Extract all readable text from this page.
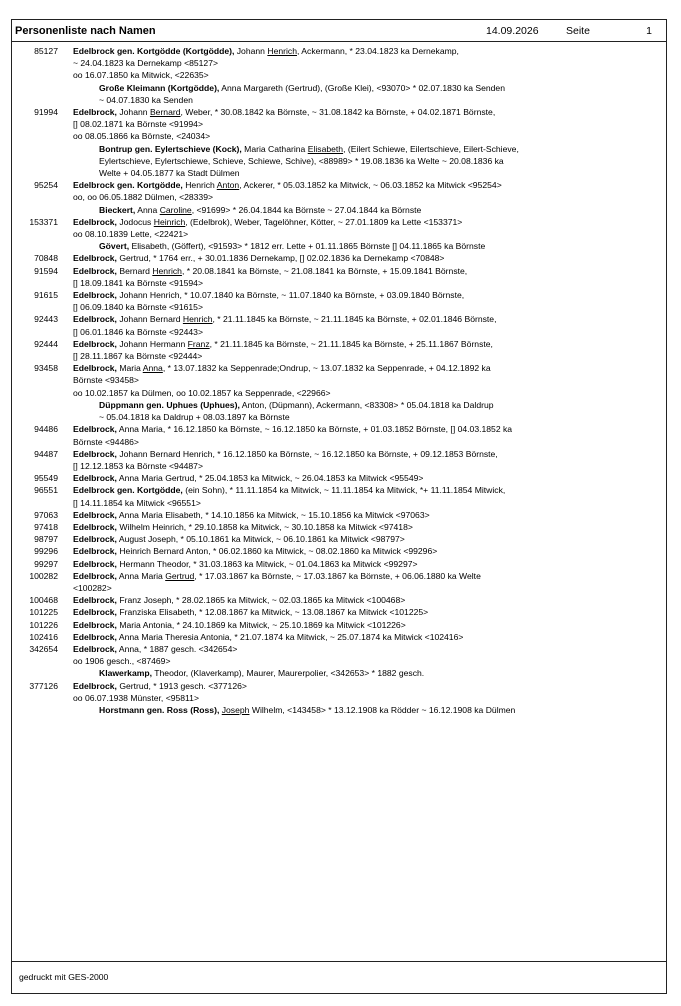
Personenliste nach Namen	14.09.2026	Seite	1
85127 Edelbrock gen. Kortgödde (Kortgödde), Johann Henrich, Ackermann, * 23.04.1823 ka Dernekamp,
~ 24.04.1823 ka Dernekamp <85127>
oo 16.07.1850 ka Mitwick, <22635>
Große Kleimann (Kortgödde), Anna Margareth (Gertrud), (Große Klei), <93070> * 02.07.1830 ka Senden
~ 04.07.1830 ka Senden
91994 Edelbrock, Johann Bernard, Weber, * 30.08.1842 ka Börnste, ~ 31.08.1842 ka Börnste, + 04.02.1871 Börnste,
[] 08.02.1871 ka Börnste <91994>
oo 08.05.1866 ka Börnste, <24034>
Bontrup gen. Eylertschieve (Kock), Maria Catharina Elisabeth, (Eilert Schiewe, Eilertschieve, Eilert-Schieve,
Eylertschieve, Eylertschiewe, Schieve, Schiewe, Schive), <88989> * 19.08.1836 ka Welte ~ 20.08.1836 ka
Welte + 04.05.1877 ka Stadt Dülmen
95254 Edelbrock gen. Kortgödde, Henrich Anton, Ackerer, * 05.03.1852 ka Mitwick, ~ 06.03.1852 ka Mitwick <95254>
oo, oo 06.05.1882 Dülmen, <28339>
Bieckert, Anna Caroline, <91699> * 26.04.1844 ka Börnste ~ 27.04.1844 ka Börnste
153371 Edelbrock, Jodocus Heinrich, (Edelbrok), Weber, Tagelöhner, Kötter, ~ 27.01.1809 ka Lette <153371>
oo 08.10.1839 Lette, <22421>
Gövert, Elisabeth, (Göffert), <91593> * 1812 err. Lette + 01.11.1865 Börnste [] 04.11.1865 ka Börnste
70848 Edelbrock, Gertrud, * 1764 err., + 30.01.1836 Dernekamp, [] 02.02.1836 ka Dernekamp <70848>
91594 Edelbrock, Bernard Henrich, * 20.08.1841 ka Börnste, ~ 21.08.1841 ka Börnste, + 15.09.1841 Börnste,
[] 18.09.1841 ka Börnste <91594>
91615 Edelbrock, Johann Henrich, * 10.07.1840 ka Börnste, ~ 11.07.1840 ka Börnste, + 03.09.1840 Börnste,
[] 06.09.1840 ka Börnste <91615>
92443 Edelbrock, Johann Bernard Henrich, * 21.11.1845 ka Börnste, ~ 21.11.1845 ka Börnste, + 02.01.1846 Börnste,
[] 06.01.1846 ka Börnste <92443>
92444 Edelbrock, Johann Hermann Franz, * 21.11.1845 ka Börnste, ~ 21.11.1845 ka Börnste, + 25.11.1867 Börnste,
[] 28.11.1867 ka Börnste <92444>
93458 Edelbrock, Maria Anna, * 13.07.1832 ka Seppenrade;Ondrup, ~ 13.07.1832 ka Seppenrade, + 04.12.1892 ka
Börnste <93458>
oo 10.02.1857 ka Dülmen, oo 10.02.1857 ka Seppenrade, <22966>
Düppmann gen. Uphues (Uphues), Anton, (Düpmann), Ackermann, <83308> * 05.04.1818 ka Daldrup
~ 05.04.1818 ka Daldrup + 08.03.1897 ka Börnste
94486 Edelbrock, Anna Maria, * 16.12.1850 ka Börnste, ~ 16.12.1850 ka Börnste, + 01.03.1852 Börnste, [] 04.03.1852 ka
Börnste <94486>
94487 Edelbrock, Johann Bernard Henrich, * 16.12.1850 ka Börnste, ~ 16.12.1850 ka Börnste, + 09.12.1853 Börnste,
[] 12.12.1853 ka Börnste <94487>
95549 Edelbrock, Anna Maria Gertrud, * 25.04.1853 ka Mitwick, ~ 26.04.1853 ka Mitwick <95549>
96551 Edelbrock gen. Kortgödde, (ein Sohn), * 11.11.1854 ka Mitwick, ~ 11.11.1854 ka Mitwick, *+ 11.11.1854 Mitwick,
[] 14.11.1854 ka Mitwick <96551>
97063 Edelbrock, Anna Maria Elisabeth, * 14.10.1856 ka Mitwick, ~ 15.10.1856 ka Mitwick <97063>
97418 Edelbrock, Wilhelm Heinrich, * 29.10.1858 ka Mitwick, ~ 30.10.1858 ka Mitwick <97418>
98797 Edelbrock, August Joseph, * 05.10.1861 ka Mitwick, ~ 06.10.1861 ka Mitwick <98797>
99296 Edelbrock, Heinrich Bernard Anton, * 06.02.1860 ka Mitwick, ~ 08.02.1860 ka Mitwick <99296>
99297 Edelbrock, Hermann Theodor, * 31.03.1863 ka Mitwick, ~ 01.04.1863 ka Mitwick <99297>
100282 Edelbrock, Anna Maria Gertrud, * 17.03.1867 ka Börnste, ~ 17.03.1867 ka Börnste, + 06.06.1880 ka Welte
<100282>
100468 Edelbrock, Franz Joseph, * 28.02.1865 ka Mitwick, ~ 02.03.1865 ka Mitwick <100468>
101225 Edelbrock, Franziska Elisabeth, * 12.08.1867 ka Mitwick, ~ 13.08.1867 ka Mitwick <101225>
101226 Edelbrock, Maria Antonia, * 24.10.1869 ka Mitwick, ~ 25.10.1869 ka Mitwick <101226>
102416 Edelbrock, Anna Maria Theresia Antonia, * 21.07.1874 ka Mitwick, ~ 25.07.1874 ka Mitwick <102416>
342654 Edelbrock, Anna, * 1887 gesch. <342654>
oo 1906 gesch., <87469>
Klawerkamp, Theodor, (Klaverkamp), Maurer, Maurerpolier, <342653> * 1882 gesch.
377126 Edelbrock, Gertrud, * 1913 gesch. <377126>
oo 06.07.1938 Münster, <95811>
Horstmann gen. Ross (Ross), Joseph Wilhelm, <143458> * 13.12.1908 ka Rödder ~ 16.12.1908 ka Dülmen
gedruckt mit GES-2000
